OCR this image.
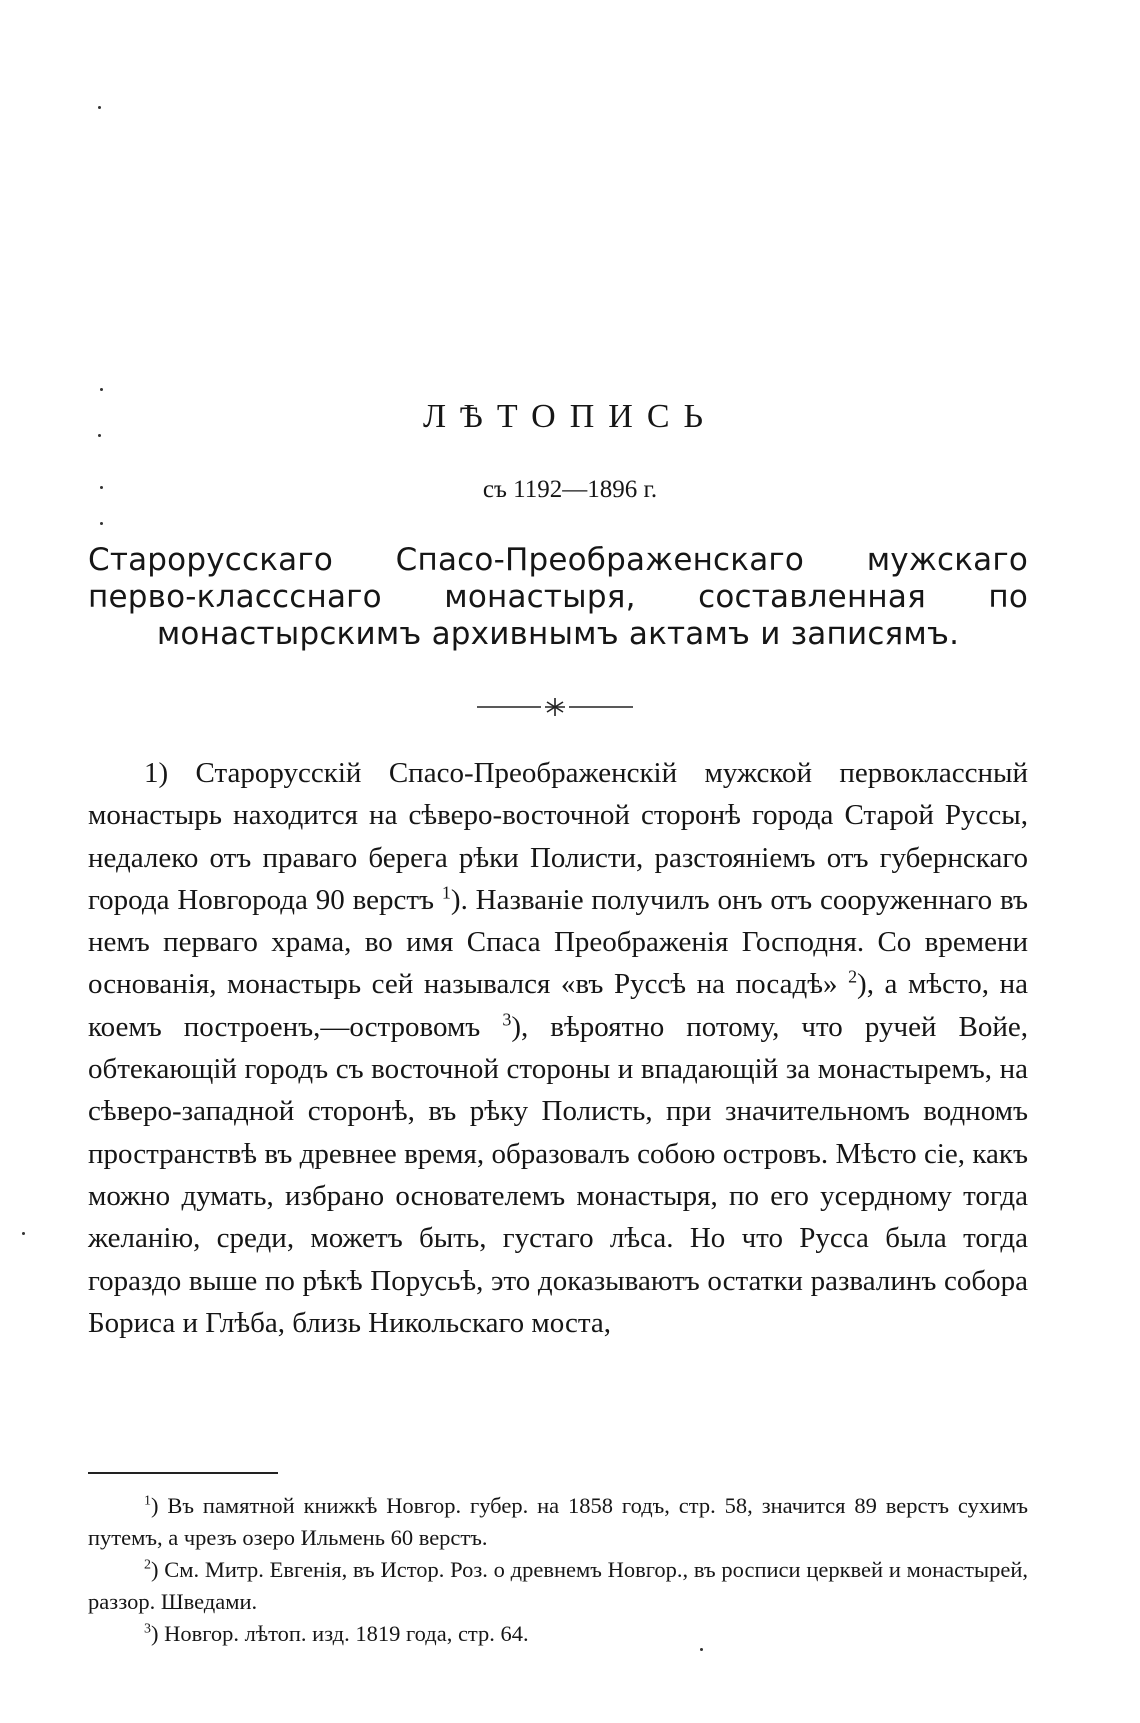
ЛѢТОПИСЬ

съ 1192—1896 г.

Старорусскаго Спасо-Преображенскаго мужскаго перво-классcнаго монастыря, составленная по монастырскимъ архивнымъ актамъ и записямъ.

1) Старорусскій Спасо-Преображенскій мужской первоклассный монастырь находится на сѣверо-восточной сторонѣ города Старой Руссы, недалеко отъ праваго берега рѣки Полисти, разстояніемъ отъ губернскаго города Новгорода 90 верстъ $^1$). Названіе получилъ онъ отъ сооруженнаго въ немъ перваго храма, во имя Спаса Преображенія Господня. Со времени основанія, монастырь сей назывался «въ Руссѣ на посадѣ» $^2$), а мѣсто, на коемъ построенъ,—островомъ $^3$), вѣроятно потому, что ручей Войе, обтекающій городъ съ восточной стороны и впадающій за монастыремъ, на сѣверо-западной сторонѣ, въ рѣку Полисть, при значительномъ водномъ пространствѣ въ древнее время, образовалъ собою островъ. Мѣсто сіе, какъ можно думать, избрано основателемъ монастыря, по его усердному тогда желанію, среди, можетъ быть, густаго лѣса. Но что Русса была тогда гораздо выше по рѣкѣ Порусьѣ, это доказываютъ остатки развалинъ собора Бориса и Глѣба, близь Никольскаго моста,

$^1$) Въ памятной книжкѣ Новгор. губер. на 1858 годъ, стр. 58, значится 89 верстъ сухимъ путемъ, а чрезъ озеро Ильмень 60 верстъ.

$^2$) См. Митр. Евгенія, въ Истор. Роз. о древнемъ Новгор., въ росписи церквей и монастырей, раззор. Шведами.

$^3$) Новгор. лѣтоп. изд. 1819 года, стр. 64.
